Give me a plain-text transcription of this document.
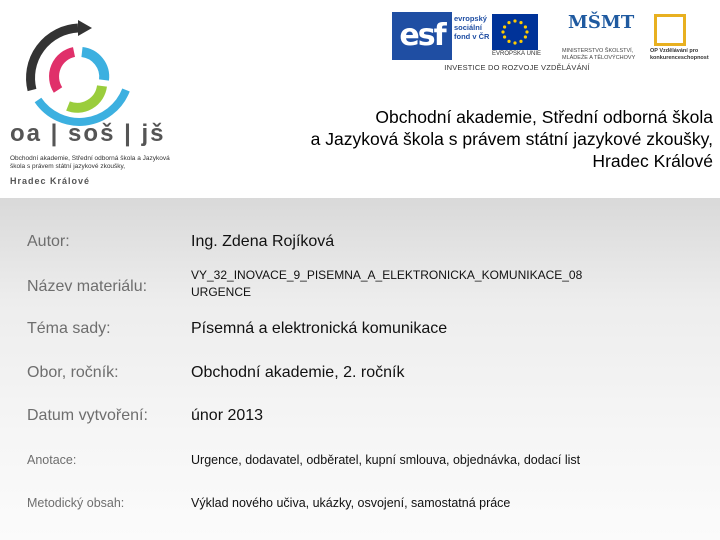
oa | soš | jš
Obchodní akademie, Střední odborná škola a Jazyková škola s právem státní jazykové zkoušky,
Hradec Králové
esf	evropský sociální fond v ČR
EVROPSKÁ UNIE
MŠMT
MINISTERSTVO ŠKOLSTVÍ, MLÁDEŽE A TĚLOVÝCHOVY
OP Vzdělávání pro konkurenceschopnost
INVESTICE DO ROZVOJE VZDĚLÁVÁNÍ
Obchodní akademie, Střední odborná škola
a Jazyková škola s právem státní jazykové zkoušky,
Hradec Králové
Autor:	Ing. Zdena Rojíková
Název materiálu:
VY_32_INOVACE_9_PISEMNA_A_ELEKTRONICKA_KOMUNIKACE_08
URGENCE
Téma sady:	Písemná a elektronická komunikace
Obor, ročník:	Obchodní akademie, 2. ročník
Datum vytvoření:	únor 2013
Anotace:	Urgence, dodavatel, odběratel, kupní smlouva, objednávka, dodací list
Metodický obsah:	Výklad nového učiva, ukázky, osvojení, samostatná práce
